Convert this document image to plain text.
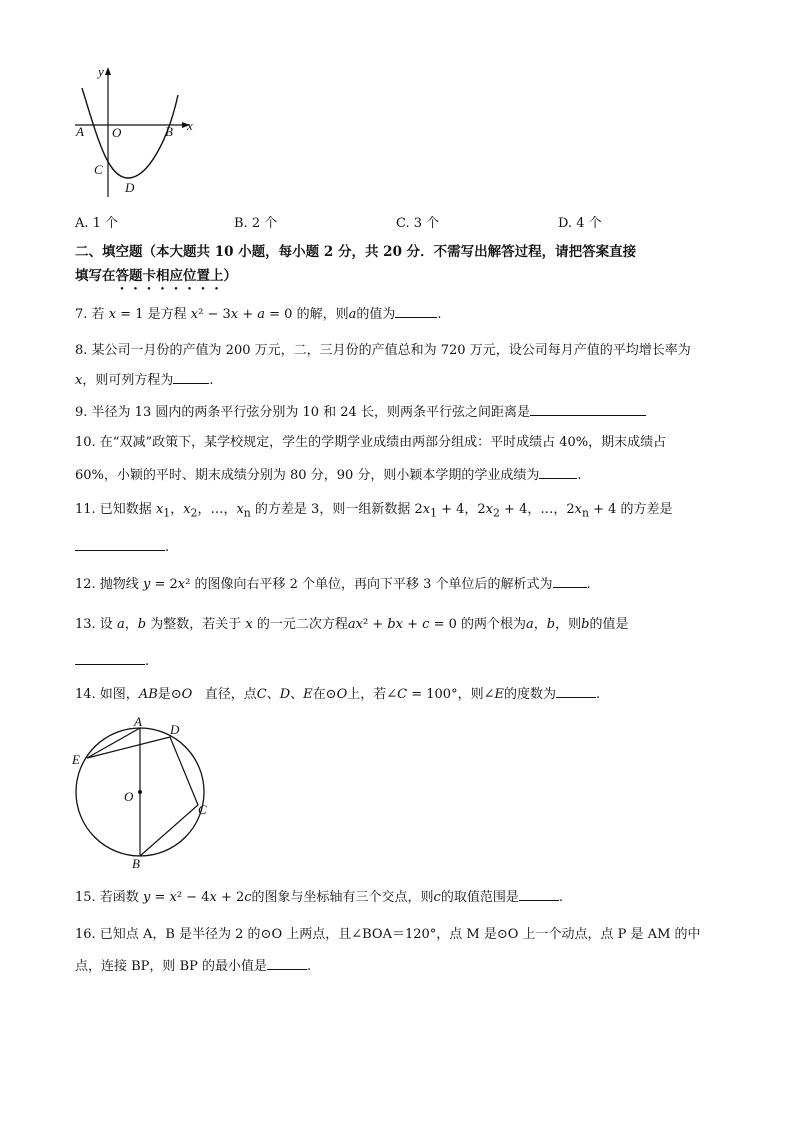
y
x
A O	B
C
D
A. 1 个	B. 2 个	C. 3 个	D. 4 个
二、填空题（本大题共 10 小题，每小题 2 分，共 20 分．不需写出解答过程，请把答案直接
填写在答题卡相应位置上）
7. 若 x = 1 是方程 x² − 3x + a = 0 的解，则a的值为	.
8. 某公司一月份的产值为 200 万元，二，三月份的产值总和为 720 万元，设公司每月产值的平均增长率为
x，则可列方程为	.
9. 半径为 13 圆内的两条平行弦分别为 10 和 24 长，则两条平行弦之间距离是
10. 在“双减”政策下，某学校规定，学生的学期学业成绩由两部分组成：平时成绩占 40%，期末成绩占
60%，小颖的平时、期末成绩分别为 80 分，90 分，则小颖本学期的学业成绩为	.
11. 已知数据 $x_1$，$x_2$，…，$x_n$ 的方差是 3，则一组新数据 $2x_1 + 4$，$2x_2 + 4$，…，$2x_n + 4$ 的方差是
.
12. 抛物线 y = 2x² 的图像向右平移 2 个单位，再向下平移 3 个单位后的解析式为	.
13. 设 a，b 为整数，若关于 x 的一元二次方程ax² + bx + c = 0 的两个根为a，b，则b的值是
.
14. 如图，AB是⊙O   直径，点C、D、E在⊙O上，若∠C = 100°，则∠E的度数为	.
A
D
E
O
C
B
15. 若函数 y = x² − 4x + 2c的图象与坐标轴有三个交点，则c的取值范围是	.
16. 已知点 A，B 是半径为 2 的⊙O 上两点，且∠BOA＝120°，点 M 是⊙O 上一个动点，点 P 是 AM 的中
点，连接 BP，则 BP 的最小值是	.
